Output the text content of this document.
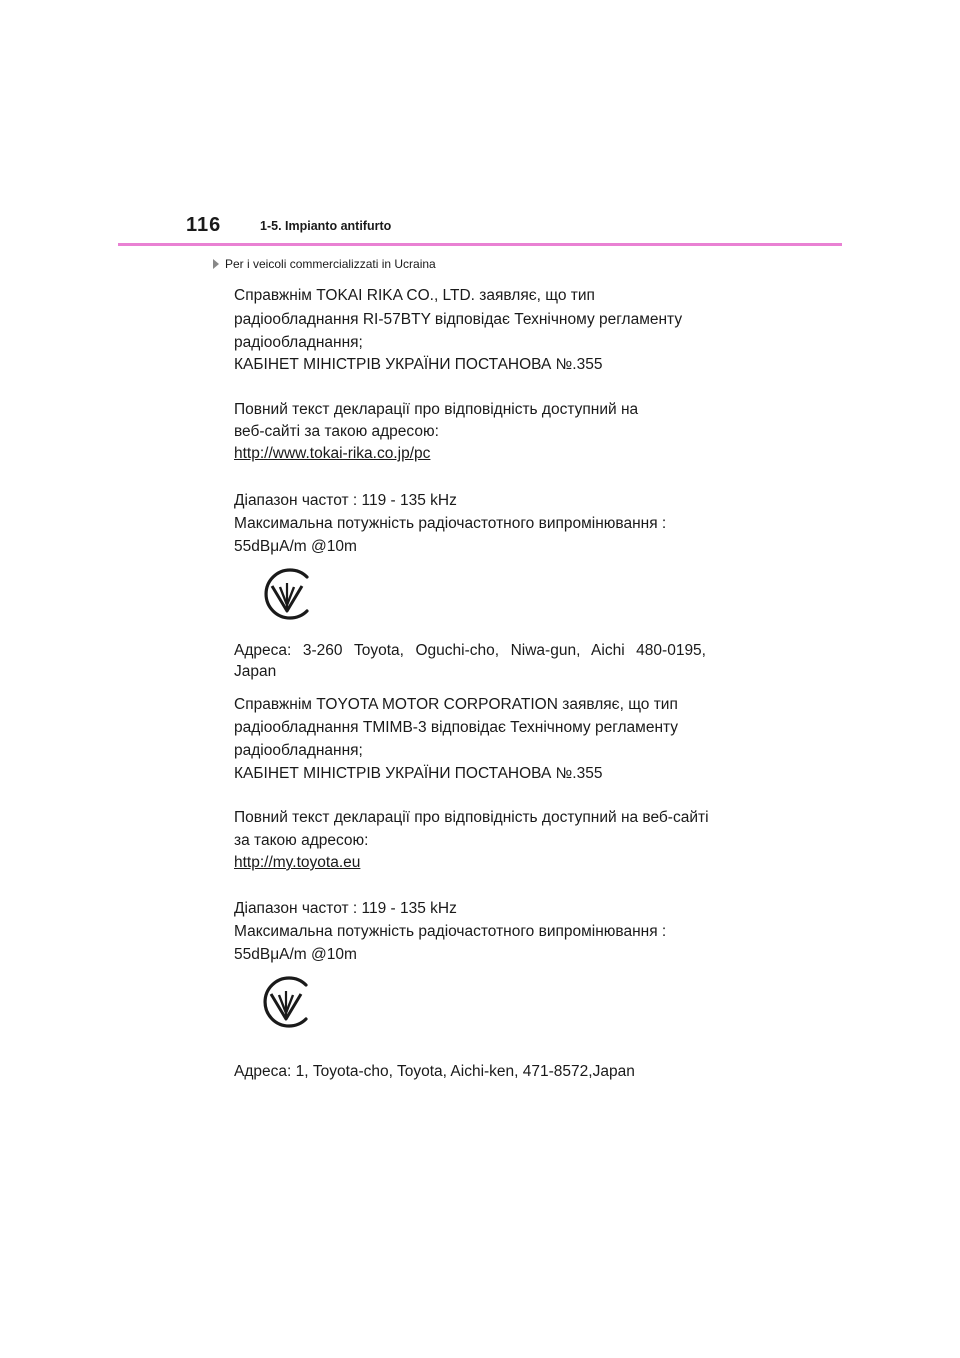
116	1-5. Impianto antifurto
Per i veicoli commercializzati in Ucraina
Справжнім TOKAI RIKA CO., LTD. заявляє, що тип
радіообладнання RI-57BTY відповідає Технічному регламенту
радіообладнання;
КАБІНЕТ МІНІСТРІВ УКРАЇНИ ПОСТАНОВА №.355
Повний текст декларації про відповідність доступний на
веб-сайті за такою адресою:
http://www.tokai-rika.co.jp/pc
Діапазон частот : 119 - 135 kHz
Максимальна потужність радіочастотного випромінювання :
55dBμA/m @10m
Адреса: 3-260 Toyota, Oguchi-cho, Niwa-gun, Aichi 480-0195,
Japan
Справжнім TOYOTA MOTOR CORPORATION заявляє, що тип
радіообладнання TMIMB-3 відповідає Технічному регламенту
радіообладнання;
КАБІНЕТ МІНІСТРІВ УКРАЇНИ ПОСТАНОВА №.355
Повний текст декларації про відповідність доступний на веб-сайті
за такою адресою:
http://my.toyota.eu
Діапазон частот : 119 - 135 kHz
Максимальна потужність радіочастотного випромінювання :
55dBμA/m @10m
Адреса: 1, Toyota-cho, Toyota, Aichi-ken, 471-8572,Japan
